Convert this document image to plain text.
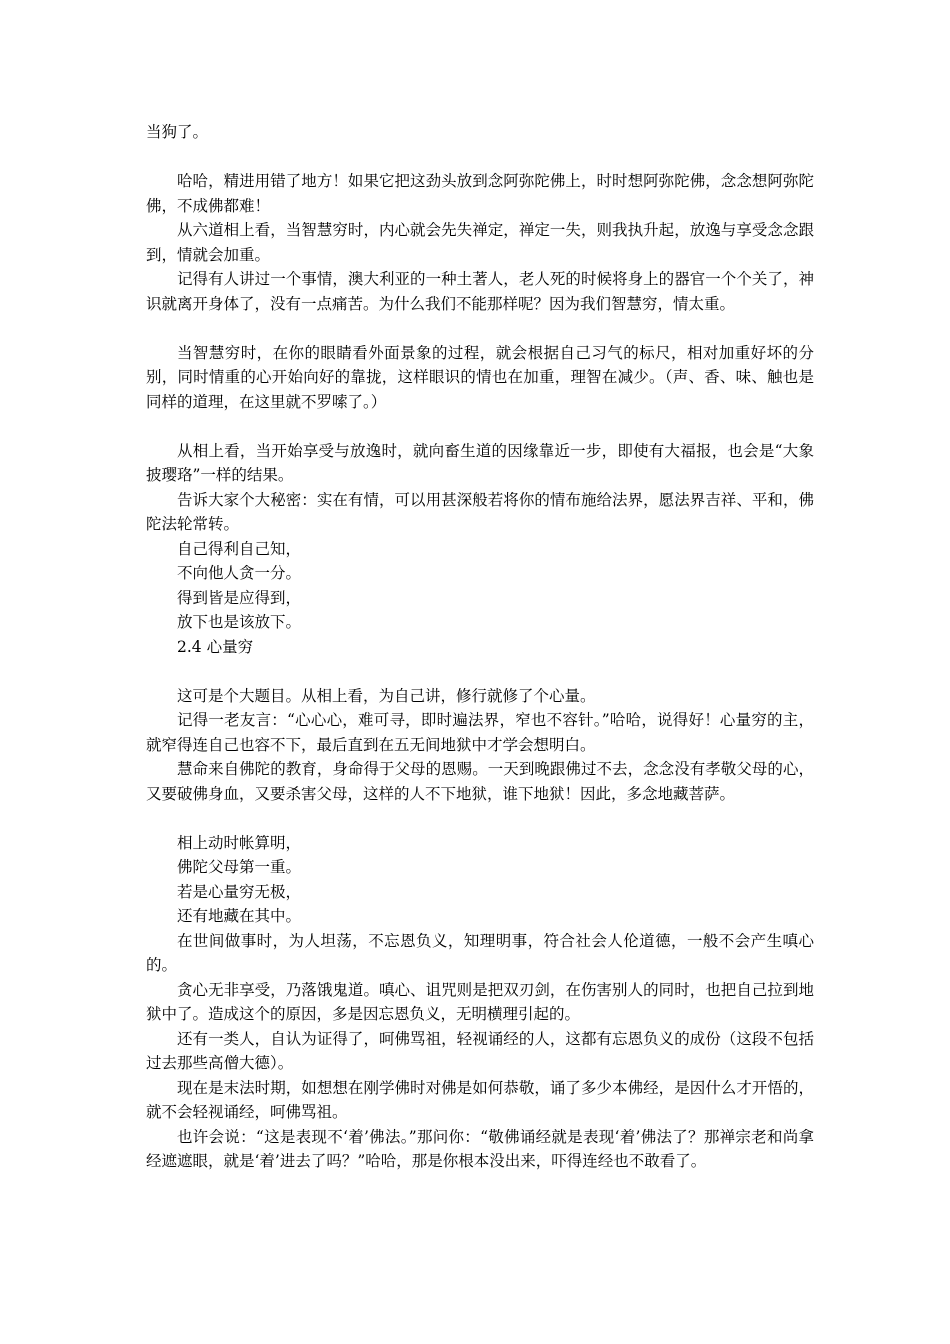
当狗了。

哈哈，精进用错了地方！如果它把这劲头放到念阿弥陀佛上，时时想阿弥陀佛，念念想阿弥陀佛，不成佛都难！

从六道相上看，当智慧穷时，内心就会先失禅定，禅定一失，则我执升起，放逸与享受念念跟到，情就会加重。

记得有人讲过一个事情，澳大利亚的一种土著人，老人死的时候将身上的器官一个个关了，神识就离开身体了，没有一点痛苦。为什么我们不能那样呢？因为我们智慧穷，情太重。

当智慧穷时，在你的眼睛看外面景象的过程，就会根据自己习气的标尺，相对加重好坏的分别，同时情重的心开始向好的靠拢，这样眼识的情也在加重，理智在减少。（声、香、味、触也是同样的道理，在这里就不罗嗦了。）

从相上看，当开始享受与放逸时，就向畜生道的因缘靠近一步，即使有大福报，也会是“大象披璎珞”一样的结果。

告诉大家个大秘密：实在有情，可以用甚深般若将你的情布施给法界，愿法界吉祥、平和，佛陀法轮常转。

自己得利自己知，

不向他人贪一分。

得到皆是应得到，

放下也是该放下。

2.4 心量穷

这可是个大题目。从相上看，为自己讲，修行就修了个心量。

记得一老友言：“心心心，难可寻，即时遍法界，窄也不容针。”哈哈，说得好！心量穷的主，就窄得连自己也容不下，最后直到在五无间地狱中才学会想明白。

慧命来自佛陀的教育，身命得于父母的恩赐。一天到晚跟佛过不去，念念没有孝敬父母的心，又要破佛身血，又要杀害父母，这样的人不下地狱，谁下地狱！因此，多念地藏菩萨。

相上动时帐算明，

佛陀父母第一重。

若是心量穷无极，

还有地藏在其中。

在世间做事时，为人坦荡，不忘恩负义，知理明事，符合社会人伦道德，一般不会产生嗔心的。

贪心无非享受，乃落饿鬼道。嗔心、诅咒则是把双刃剑，在伤害别人的同时，也把自己拉到地狱中了。造成这个的原因，多是因忘恩负义，无明横理引起的。

还有一类人，自认为证得了，呵佛骂祖，轻视诵经的人，这都有忘恩负义的成份（这段不包括过去那些高僧大德）。

现在是末法时期，如想想在刚学佛时对佛是如何恭敬，诵了多少本佛经，是因什么才开悟的，就不会轻视诵经，呵佛骂祖。

也许会说：“这是表现不‘着’佛法。”那问你：“敬佛诵经就是表现‘着’佛法了？那禅宗老和尚拿经遮遮眼，就是‘着’进去了吗？”哈哈，那是你根本没出来，吓得连经也不敢看了。
